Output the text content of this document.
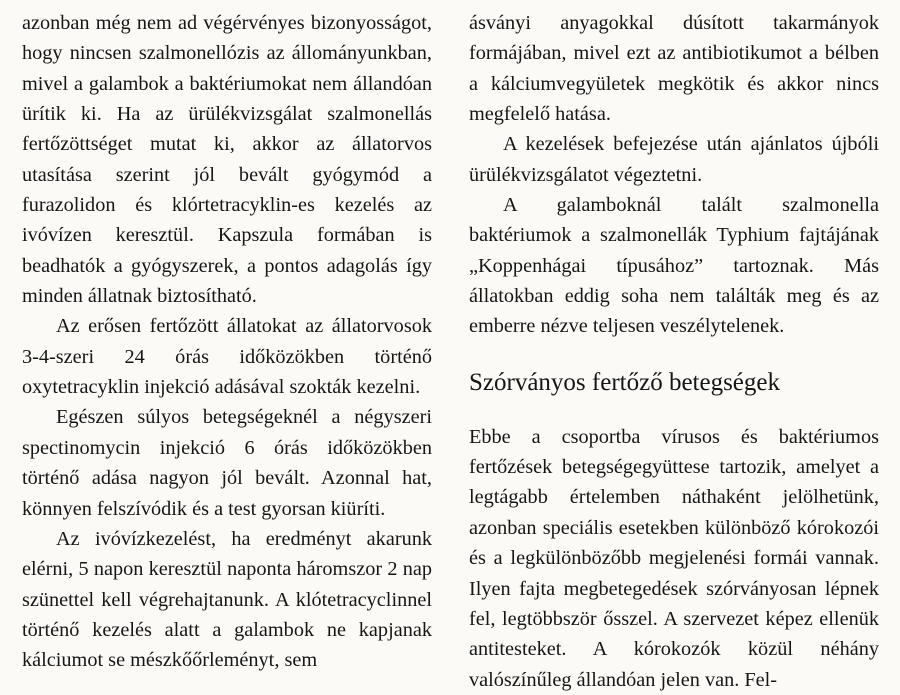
azonban még nem ad végérvényes bizonyosságot, hogy nincsen szalmonellózis az állományunkban, mivel a galambok a baktériumokat nem állandóan ürítik ki. Ha az ürülékvizsgálat szalmonellás fertőzöttséget mutat ki, akkor az állatorvos utasítása szerint jól bevált gyógymód a furazolidon és klórtetracyklin-es kezelés az ivóvízen keresztül. Kapszula formában is beadhatók a gyógyszerek, a pontos adagolás így minden állatnak biztosítható.

Az erősen fertőzött állatokat az állatorvosok 3-4-szeri 24 órás időközökben történő oxytetracyklin injekció adásával szokták kezelni.

Egészen súlyos betegségeknél a négyszeri spectinomycin injekció 6 órás időközökben történő adása nagyon jól bevált. Azonnal hat, könnyen felszívódik és a test gyorsan kiüríti.

Az ivóvízkezelést, ha eredményt akarunk elérni, 5 napon keresztül naponta háromszor 2 nap szünettel kell végrehajtanunk. A klótetracyclinnel történő kezelés alatt a galambok ne kapjanak kálciumot se mészkőőrleményt, sem

ásványi anyagokkal dúsított takarmányok formájában, mivel ezt az antibiotikumot a bélben a kálciumvegyületek megkötik és akkor nincs megfelelő hatása.

A kezelések befejezése után ajánlatos újbóli ürülékvizsgálatot végeztetni.

A galamboknál talált szalmonella baktériumok a szalmonellák Typhium fajtájának „Koppenhágai típusához” tartoznak. Más állatokban eddig soha nem találták meg és az emberre nézve teljesen veszélytelenek.

Szórványos fertőző betegségek

Ebbe a csoportba vírusos és baktériumos fertőzések betegségegyüttese tartozik, amelyet a legtágabb értelemben náthaként jelölhetünk, azonban speciális esetekben különböző kórokozói és a legkülönbözőbb megjelenési formái vannak. Ilyen fajta megbetegedések szórványosan lépnek fel, legtöbbször ősszel. A szervezet képez ellenük antitesteket. A kórokozók közül néhány valószínűleg állandóan jelen van. Fel-
